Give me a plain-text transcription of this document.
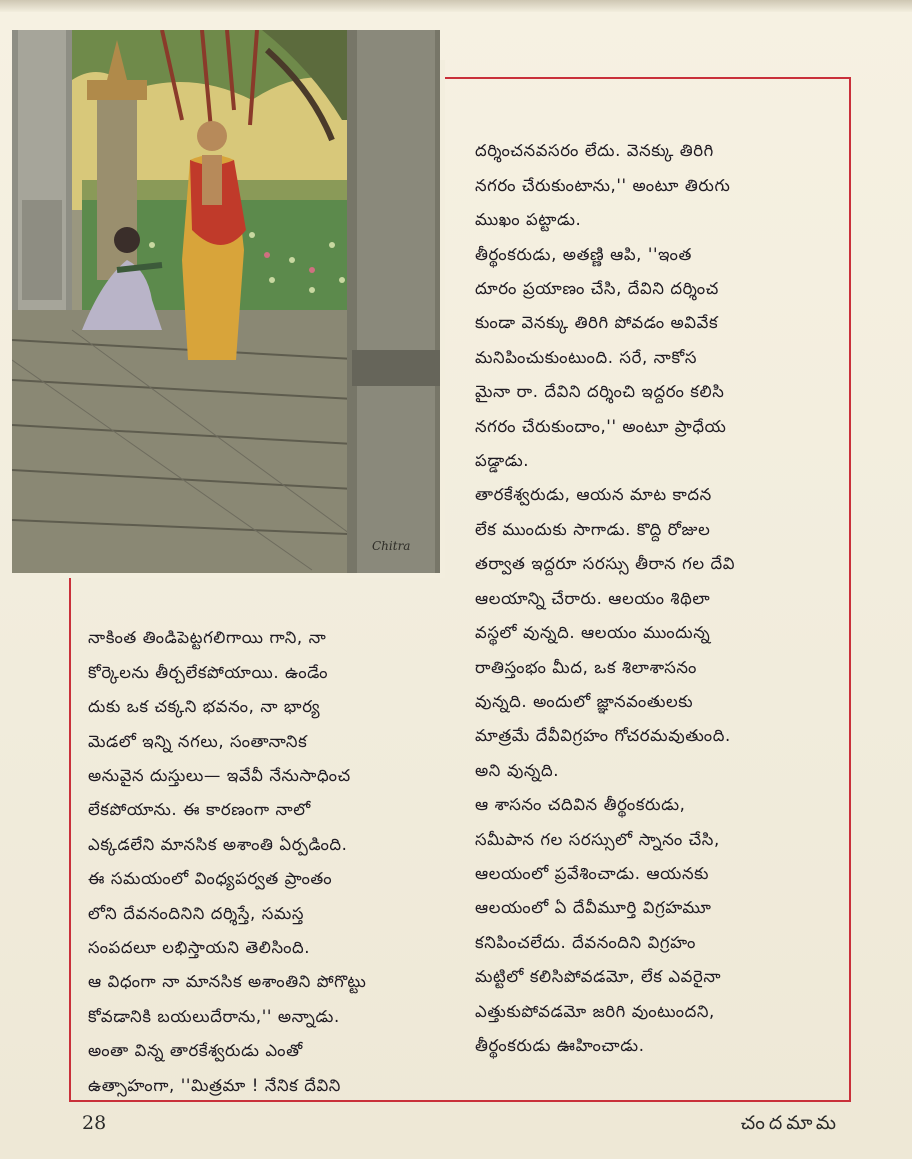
Chitra

నాకింత తిండిపెట్టగలిగాయి గాని, నా
కోర్కెలను తీర్చలేకపోయాయి. ఉండేం
దుకు ఒక చక్కని భవనం, నా భార్య
మెడలో ఇన్ని నగలు, సంతానానిక
అనువైన దుస్తులు— ఇవేవీ నేనుసాధించ
లేకపోయాను. ఈ కారణంగా నాలో
ఎక్కడలేని మానసిక అశాంతి ఏర్పడింది.
ఈ సమయంలో వింధ్యపర్వత ప్రాంతం
లోని దేవనందినిని దర్శిస్తే, సమస్త
సంపదలూ లభిస్తాయని తెలిసింది.
ఆ విధంగా నా మానసిక అశాంతిని పోగొట్టు
కోవడానికి బయలుదేరాను,'' అన్నాడు.
అంతా విన్న తారకేశ్వరుడు ఎంతో
ఉత్సాహంగా, ''మిత్రమా ! నేనిక దేవిని

దర్శించనవసరం లేదు. వెనక్కు తిరిగి
నగరం చేరుకుంటాను,'' అంటూ తిరుగు
ముఖం పట్టాడు.
తీర్థంకరుడు, అతణ్ణి ఆపి, ''ఇంత
దూరం ప్రయాణం చేసి, దేవిని దర్శించ
కుండా వెనక్కు తిరిగి పోవడం అవివేక
మనిపించుకుంటుంది. సరే, నాకోస
మైనా రా. దేవిని దర్శించి ఇద్దరం కలిసి
నగరం చేరుకుందాం,'' అంటూ ప్రాధేయ
పడ్డాడు.
తారకేశ్వరుడు, ఆయన మాట కాదన
లేక ముందుకు సాగాడు. కొద్ది రోజుల
తర్వాత ఇద్దరూ సరస్సు తీరాన గల దేవి
ఆలయాన్ని చేరారు. ఆలయం శిథిలా
వస్థలో వున్నది. ఆలయం ముందున్న
రాతిస్తంభం మీద, ఒక శిలాశాసనం
వున్నది. అందులో జ్ఞానవంతులకు
మాత్రమే దేవీవిగ్రహం గోచరమవుతుంది.
అని వున్నది.
ఆ శాసనం చదివిన తీర్థంకరుడు,
సమీపాన గల సరస్సులో స్నానం చేసి,
ఆలయంలో ప్రవేశించాడు. ఆయనకు
ఆలయంలో ఏ దేవీమూర్తి విగ్రహమూ
కనిపించలేదు. దేవనందిని విగ్రహం
మట్టిలో కలిసిపోవడమో, లేక ఎవరైనా
ఎత్తుకుపోవడమో జరిగి వుంటుందని,
తీర్థంకరుడు ఊహించాడు.

28	చందమామ
